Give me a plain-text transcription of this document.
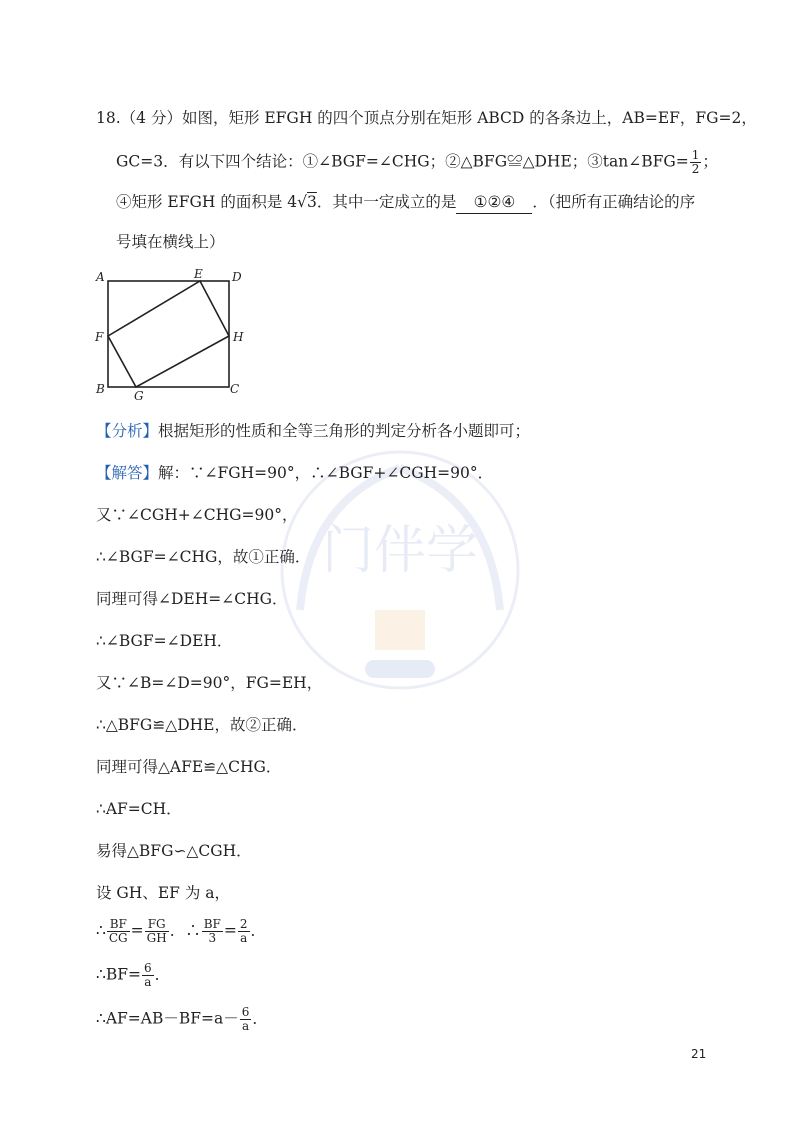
门伴学
18.（4 分）如图，矩形 EFGH 的四个顶点分别在矩形 ABCD 的各条边上，AB=EF，FG=2，
GC=3．有以下四个结论：①∠BGF=∠CHG；②△BFG≌△DHE；③tan∠BFG= $\frac{1}{2}$ ；
④矩形 EFGH 的面积是 4√3．其中一定成立的是 ①②④ ．（把所有正确结论的序
号填在横线上）
A	E D
F	H
B G	C
【分析】根据矩形的性质和全等三角形的判定分析各小题即可；
【解答】解：∵∠FGH=90°，∴∠BGF+∠CGH=90°．
又∵∠CGH+∠CHG=90°，
∴∠BGF=∠CHG，故①正确．
同理可得∠DEH=∠CHG．
∴∠BGF=∠DEH．
又∵∠B=∠D=90°，FG=EH，
∴△BFG≌△DHE，故②正确．
同理可得△AFE≌△CHG．
∴AF=CH．
易得△BFG∽△CGH．
设 GH、EF 为 a，
∴ $\frac{BF}{CG} = \frac{FG}{GH}$ ．∴ $\frac{BF}{3} = \frac{2}{a}$ ．
∴BF= $\frac{6}{a}$ ．
∴AF=AB－BF=a－ $\frac{6}{a}$ ．
21
